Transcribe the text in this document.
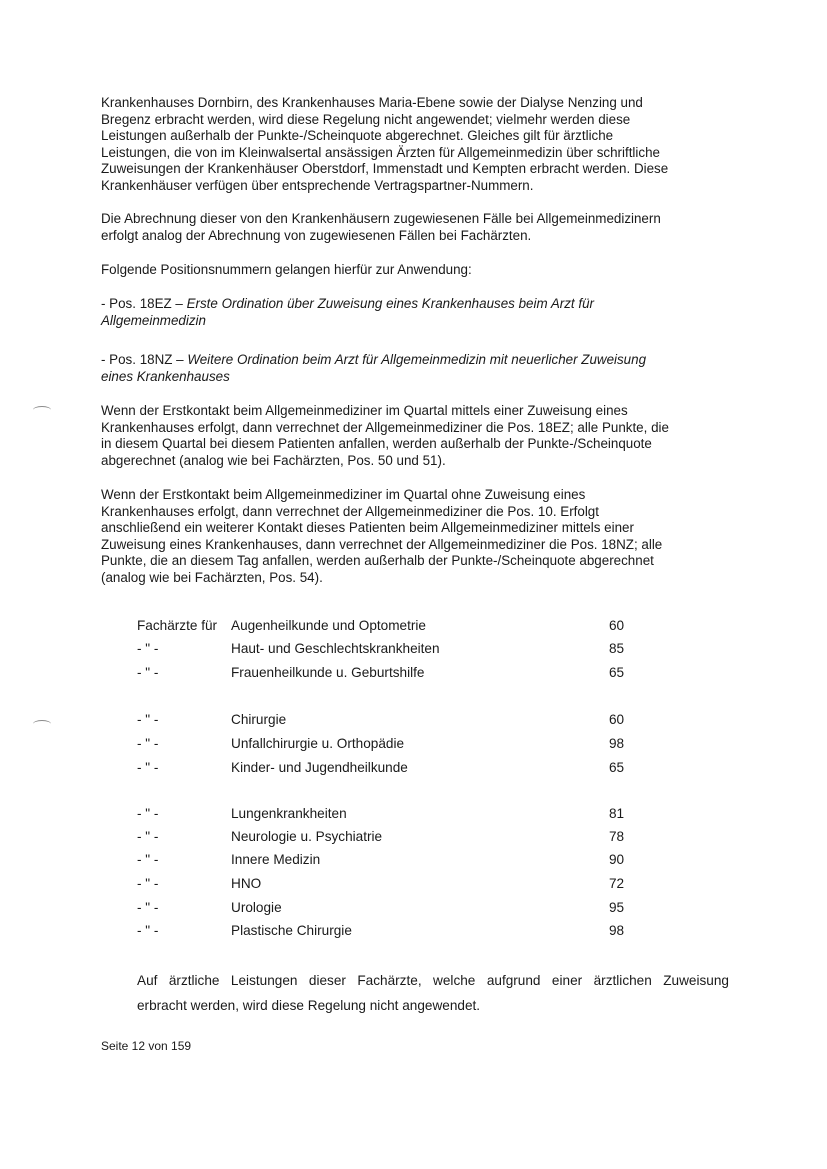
Krankenhauses Dornbirn, des Krankenhauses Maria-Ebene sowie der Dialyse Nenzing und
Bregenz erbracht werden, wird diese Regelung nicht angewendet; vielmehr werden diese
Leistungen außerhalb der Punkte-/Scheinquote abgerechnet. Gleiches gilt für ärztliche
Leistungen, die von im Kleinwalsertal ansässigen Ärzten für Allgemeinmedizin über schriftliche
Zuweisungen der Krankenhäuser Oberstdorf, Immenstadt und Kempten erbracht werden. Diese
Krankenhäuser verfügen über entsprechende Vertragspartner-Nummern.

Die Abrechnung dieser von den Krankenhäusern zugewiesenen Fälle bei Allgemeinmedizinern
erfolgt analog der Abrechnung von zugewiesenen Fällen bei Fachärzten.

Folgende Positionsnummern gelangen hierfür zur Anwendung:

- Pos. 18EZ – Erste Ordination über Zuweisung eines Krankenhauses beim Arzt für
Allgemeinmedizin

- Pos. 18NZ – Weitere Ordination beim Arzt für Allgemeinmedizin mit neuerlicher Zuweisung
eines Krankenhauses

Wenn der Erstkontakt beim Allgemeinmediziner im Quartal mittels einer Zuweisung eines
Krankenhauses erfolgt, dann verrechnet der Allgemeinmediziner die Pos. 18EZ; alle Punkte, die
in diesem Quartal bei diesem Patienten anfallen, werden außerhalb der Punkte-/Scheinquote
abgerechnet (analog wie bei Fachärzten, Pos. 50 und 51).

Wenn der Erstkontakt beim Allgemeinmediziner im Quartal ohne Zuweisung eines
Krankenhauses erfolgt, dann verrechnet der Allgemeinmediziner die Pos. 10. Erfolgt
anschließend ein weiterer Kontakt dieses Patienten beim Allgemeinmediziner mittels einer
Zuweisung eines Krankenhauses, dann verrechnet der Allgemeinmediziner die Pos. 18NZ; alle
Punkte, die an diesem Tag anfallen, werden außerhalb der Punkte-/Scheinquote abgerechnet
(analog wie bei Fachärzten, Pos. 54).

Fachärzte für Augenheilkunde und Optometrie	60
- " -	Haut- und Geschlechtskrankheiten	85
- " -	Frauenheilkunde u. Geburtshilfe	65
- " -	Chirurgie	60
- " -	Unfallchirurgie u. Orthopädie	98
- " -	Kinder- und Jugendheilkunde	65
- " -	Lungenkrankheiten	81
- " -	Neurologie u. Psychiatrie	78
- " -	Innere Medizin	90
- " -	HNO	72
- " -	Urologie	95
- " -	Plastische Chirurgie	98

Auf ärztliche Leistungen dieser Fachärzte, welche aufgrund einer ärztlichen Zuweisung
erbracht werden, wird diese Regelung nicht angewendet.

Seite 12 von 159
